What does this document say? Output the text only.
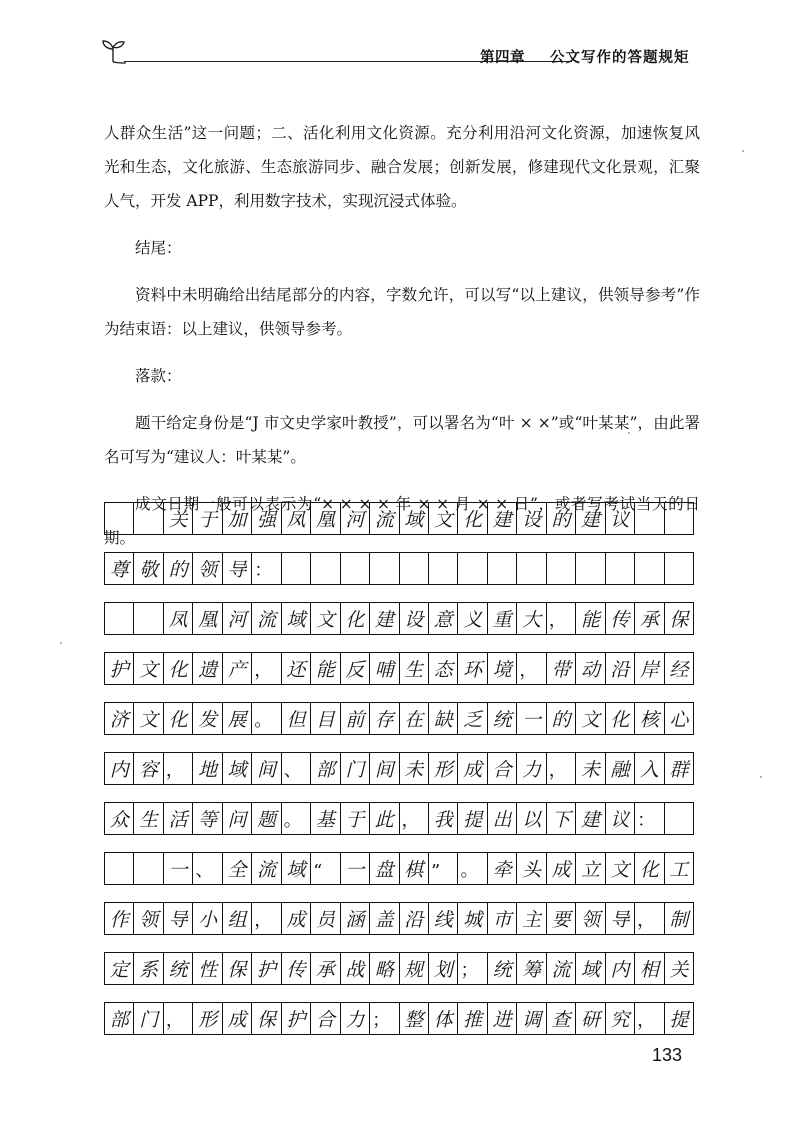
第四章 公文写作的答题规矩

人群众生活”这一问题；二、活化利用文化资源。充分利用沿河文化资源，加速恢复风光和生态，文化旅游、生态旅游同步、融合发展；创新发展，修建现代文化景观，汇聚人气，开发 APP，利用数字技术，实现沉浸式体验。

结尾：

资料中未明确给出结尾部分的内容，字数允许，可以写“以上建议，供领导参考”作为结束语：以上建议，供领导参考。

落款：

题干给定身份是“J 市文史学家叶教授”，可以署名为“叶 × ×”或“叶某某”，由此署名可写为“建议人：叶某某”。

成文日期一般可以表示为“× × × × 年 × × 月 × × 日”，或者写考试当天的日期。

关 于 加 强 凤 凰 河 流 域 文 化 建 设 的 建 议
尊 敬 的 领 导 ：
凤 凰 河 流 域 文 化 建 设 意 义 重 大 ， 能 传 承 保
护 文 化 遗 产 ， 还 能 反 哺 生 态 环 境 ， 带 动 沿 岸 经
济 文 化 发 展 。 但 目 前 存 在 缺 乏 统 一 的 文 化 核 心
内 容 ， 地 域 间 、 部 门 间 未 形 成 合 力 ， 未 融 入 群
众 生 活 等 问 题 。 基 于 此 ， 我 提 出 以 下 建 议 ：
一 、 全 流 域 “	一 盘 棋 ”	。 牵 头 成 立 文 化 工
作 领 导 小 组 ， 成 员 涵 盖 沿 线 城 市 主 要 领 导 ， 制
定 系 统 性 保 护 传 承 战 略 规 划 ； 统 筹 流 域 内 相 关
部 门 ， 形 成 保 护 合 力 ； 整 体 推 进 调 查 研 究 ， 提
133
